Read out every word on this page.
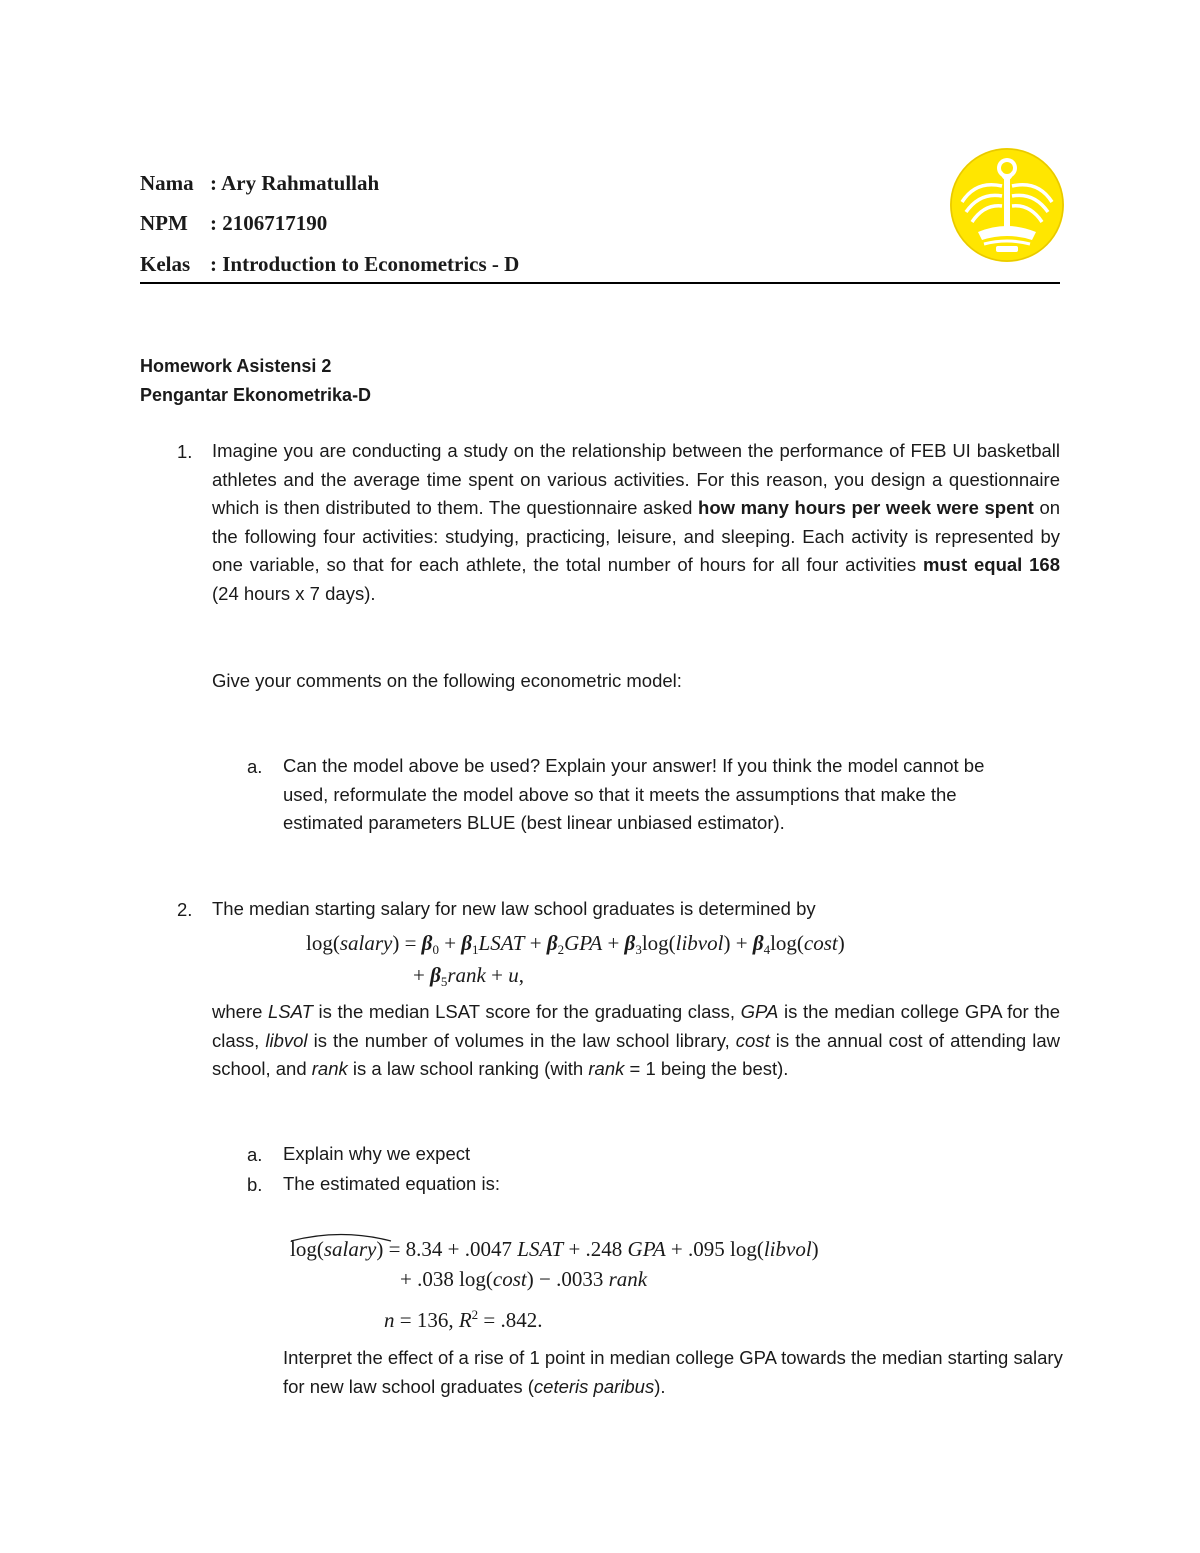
Nama : Ary Rahmatullah
NPM : 2106717190
Kelas : Introduction to Econometrics - D
Homework Asistensi 2
Pengantar Ekonometrika-D
1. Imagine you are conducting a study on the relationship between the performance of FEB UI basketball athletes and the average time spent on various activities. For this reason, you design a questionnaire which is then distributed to them. The questionnaire asked how many hours per week were spent on the following four activities: studying, practicing, leisure, and sleeping. Each activity is represented by one variable, so that for each athlete, the total number of hours for all four activities must equal 168 (24 hours x 7 days).
Give your comments on the following econometric model:
a. Can the model above be used? Explain your answer! If you think the model cannot be used, reformulate the model above so that it meets the assumptions that make the estimated parameters BLUE (best linear unbiased estimator).
2. The median starting salary for new law school graduates is determined by
log(salary) = $\beta_0$ + $\beta_1LSAT + \beta_2GPA$ + $\beta_3\log(libvol) + \beta_4\log(\cos t)$
+ $\beta_5rank + u$,
where LSAT is the median LSAT score for the graduating class, GPA is the median college GPA for the class, libvol is the number of volumes in the law school library, cost is the annual cost of attending law school, and rank is a law school ranking (with rank = 1 being the best).
a. Explain why we expect
b. The estimated equation is:
log(salary) = 8.34 + .0047 LSAT + .248 GPA + .095 log(libvol)
+ .038 log(cost) − .0033 rank
n = 136, $R^2 = .842$.
Interpret the effect of a rise of 1 point in median college GPA towards the median starting salary for new law school graduates (ceteris paribus).
